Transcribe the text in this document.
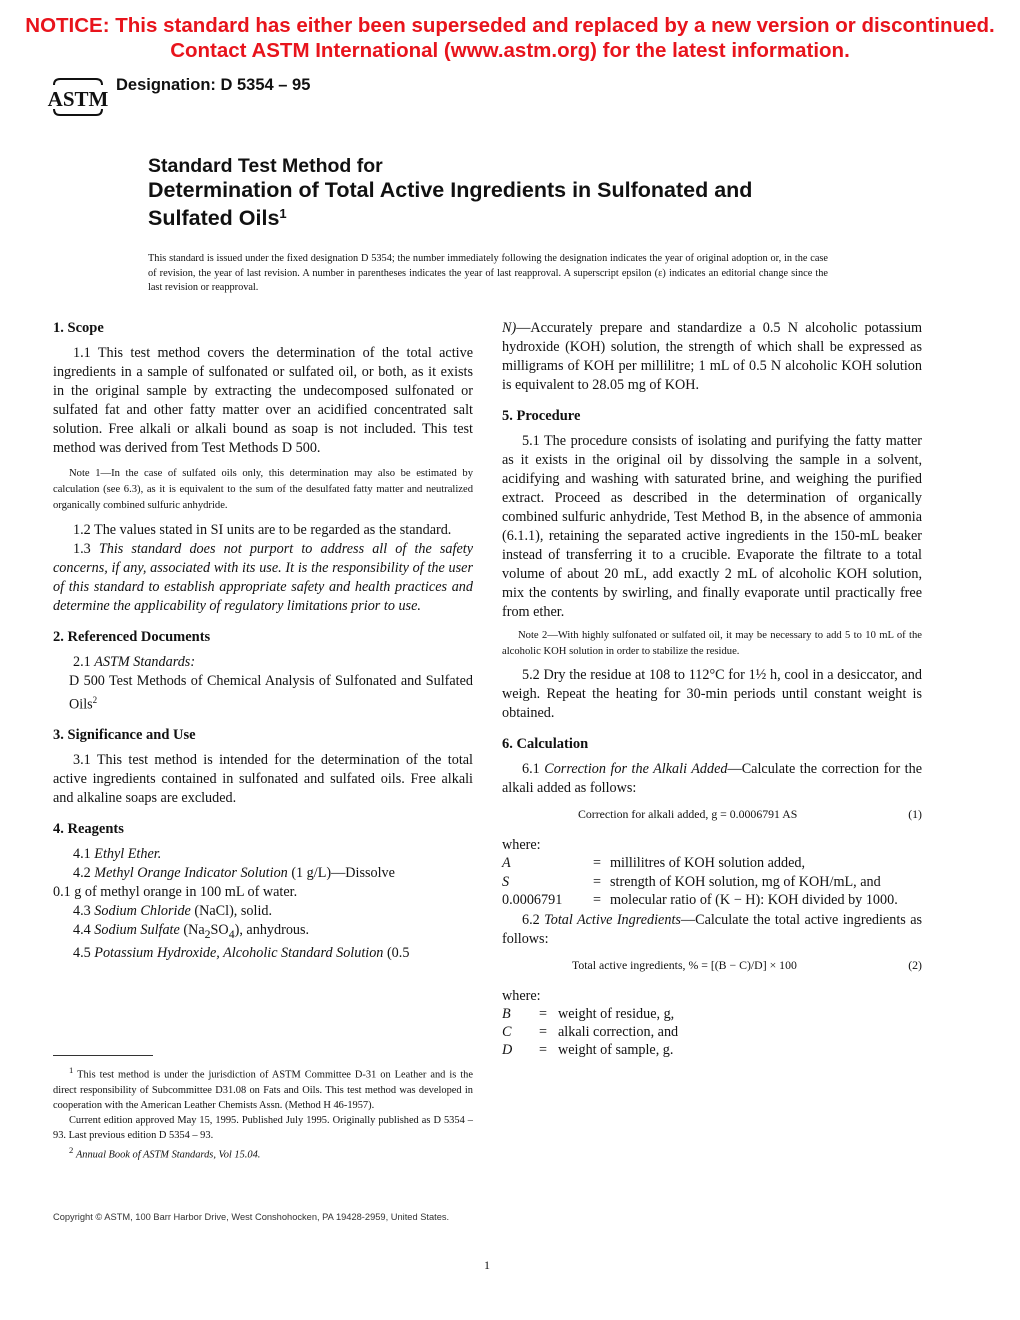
NOTICE: This standard has either been superseded and replaced by a new version or discontinued.
Contact ASTM International (www.astm.org) for the latest information.
ASTM
Designation: D 5354 – 95
Standard Test Method for
Determination of Total Active Ingredients in Sulfonated and
Sulfated Oils$^1$
This standard is issued under the fixed designation D 5354; the number immediately following the designation indicates the year of original adoption or, in the case of revision, the year of last revision. A number in parentheses indicates the year of last reapproval. A superscript epsilon (ε) indicates an editorial change since the last revision or reapproval.

1. Scope

1.1 This test method covers the determination of the total active ingredients in a sample of sulfonated or sulfated oil, or both, as it exists in the original sample by extracting the undecomposed sulfonated or sulfated fat and other fatty matter over an acidified concentrated salt solution. Free alkali or alkali bound as soap is not included. This test method was derived from Test Methods D 500.

Note 1—In the case of sulfated oils only, this determination may also be estimated by calculation (see 6.3), as it is equivalent to the sum of the desulfated fatty matter and neutralized organically combined sulfuric anhydride.

1.2 The values stated in SI units are to be regarded as the standard.

1.3 This standard does not purport to address all of the safety concerns, if any, associated with its use. It is the responsibility of the user of this standard to establish appropriate safety and health practices and determine the applicability of regulatory limitations prior to use.

2. Referenced Documents

2.1 ASTM Standards:

D 500 Test Methods of Chemical Analysis of Sulfonated and Sulfated Oils$^2$

3. Significance and Use

3.1 This test method is intended for the determination of the total active ingredients contained in sulfonated and sulfated oils. Free alkali and alkaline soaps are excluded.

4. Reagents

4.1 Ethyl Ether.

4.2 Methyl Orange Indicator Solution (1 g/L)—Dissolve

0.1 g of methyl orange in 100 mL of water.

4.3 Sodium Chloride (NaCl), solid.

4.4 Sodium Sulfate $(Na_2SO_4)$, anhydrous.

4.5 Potassium Hydroxide, Alcoholic Standard Solution (0.5

$^1$ This test method is under the jurisdiction of ASTM Committee D-31 on Leather and is the direct responsibility of Subcommittee D31.08 on Fats and Oils. This test method was developed in cooperation with the American Leather Chemists Assn. (Method H 46-1957).

Current edition approved May 15, 1995. Published July 1995. Originally published as D 5354 – 93. Last previous edition D 5354 – 93.

$^2$ Annual Book of ASTM Standards, Vol 15.04.

N)—Accurately prepare and standardize a 0.5 N alcoholic potassium hydroxide (KOH) solution, the strength of which shall be expressed as milligrams of KOH per millilitre; 1 mL of 0.5 N alcoholic KOH solution is equivalent to 28.05 mg of KOH.

5. Procedure

5.1 The procedure consists of isolating and purifying the fatty matter as it exists in the original oil by dissolving the sample in a solvent, acidifying and washing with saturated brine, and weighing the purified extract. Proceed as described in the determination of organically combined sulfuric anhydride, Test Method B, in the absence of ammonia (6.1.1), retaining the separated active ingredients in the 150-mL beaker instead of transferring it to a crucible. Evaporate the filtrate to a total volume of about 20 mL, add exactly 2 mL of alcoholic KOH solution, mix the contents by swirling, and finally evaporate until practically free from ether.

Note 2—With highly sulfonated or sulfated oil, it may be necessary to add 5 to 10 mL of the alcoholic KOH solution in order to stabilize the residue.

5.2 Dry the residue at 108 to 112°C for 1½ h, cool in a desiccator, and weigh. Repeat the heating for 30-min periods until constant weight is obtained.

6. Calculation

6.1 Correction for the Alkali Added—Calculate the correction for the alkali added as follows:

Correction for alkali added, g = 0.0006791 AS	(1)

where:

A	=	millilitres of KOH solution added,
S	=	strength of KOH solution, mg of KOH/mL, and
0.0006791	=	molecular ratio of (K − H): KOH divided by 1000.

6.2 Total Active Ingredients—Calculate the total active ingredients as follows:

Total active ingredients, % = [(B − C)/D] × 100	(2)

where:

B	=	weight of residue, g,
C	=	alkali correction, and
D	=	weight of sample, g.
Copyright © ASTM, 100 Barr Harbor Drive, West Conshohocken, PA 19428-2959, United States.
1
